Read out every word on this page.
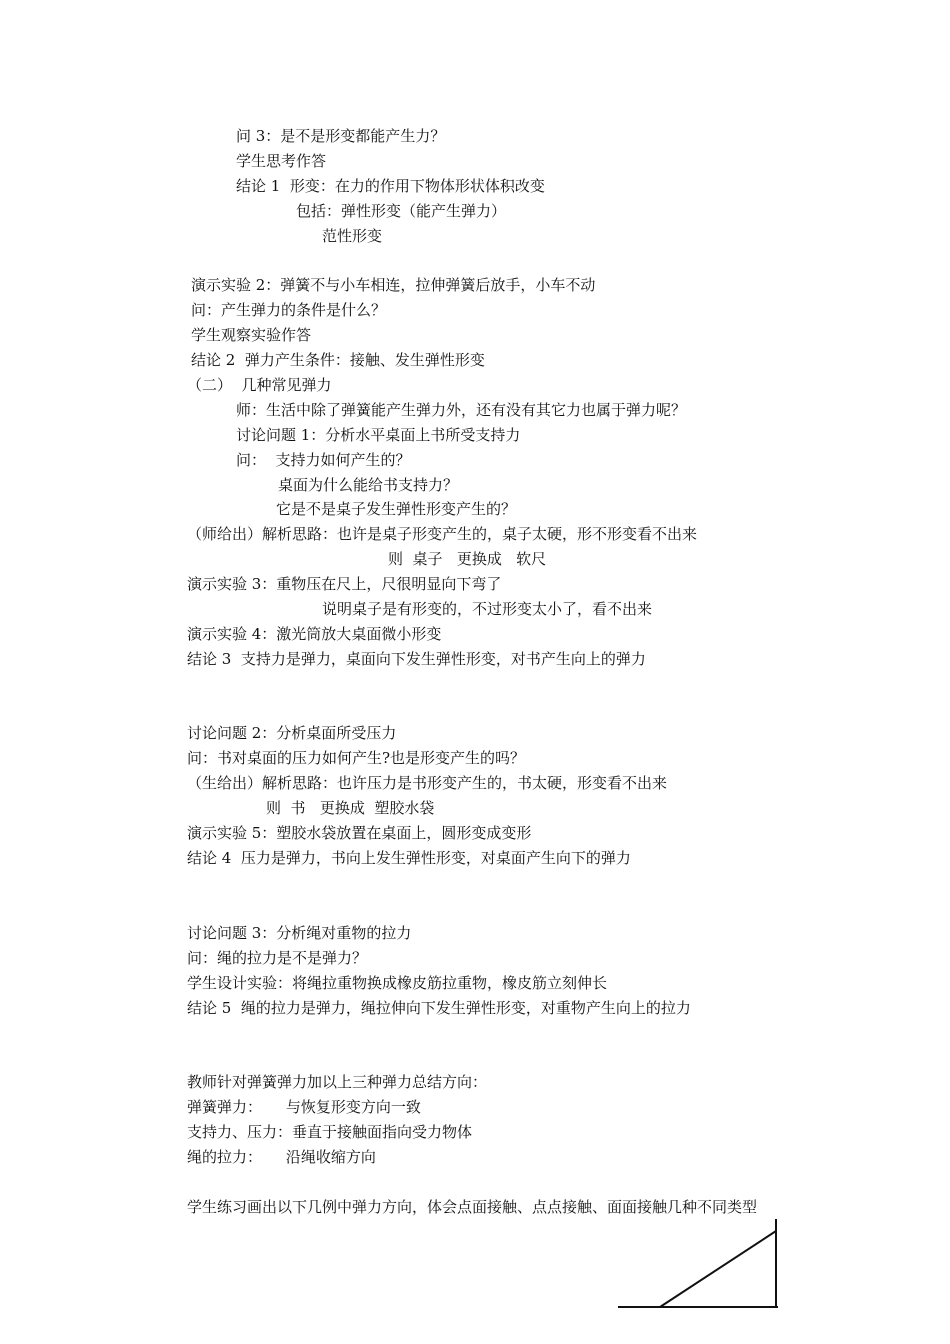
问 3：是不是形变都能产生力？
学生思考作答
结论 1  形变：在力的作用下物体形状体积改变
包括：弹性形变（能产生弹力）
范性形变
演示实验 2：弹簧不与小车相连，拉伸弹簧后放手，小车不动
问：产生弹力的条件是什么？
学生观察实验作答
结论 2  弹力产生条件：接触、发生弹性形变
（二）  几种常见弹力
师：生活中除了弹簧能产生弹力外，还有没有其它力也属于弹力呢？
讨论问题 1：分析水平桌面上书所受支持力
问：  支持力如何产生的？
桌面为什么能给书支持力？
它是不是桌子发生弹性形变产生的？
（师给出）解析思路：也许是桌子形变产生的，桌子太硬，形不形变看不出来
则  桌子   更换成   软尺
演示实验 3：重物压在尺上，尺很明显向下弯了
说明桌子是有形变的，不过形变太小了，看不出来
演示实验 4：激光筒放大桌面微小形变
结论 3  支持力是弹力，桌面向下发生弹性形变，对书产生向上的弹力
讨论问题 2：分析桌面所受压力
问：书对桌面的压力如何产生?也是形变产生的吗？
（生给出）解析思路：也许压力是书形变产生的，书太硬，形变看不出来
则  书   更换成  塑胶水袋
演示实验 5：塑胶水袋放置在桌面上，圆形变成变形
结论 4  压力是弹力，书向上发生弹性形变，对桌面产生向下的弹力
讨论问题 3：分析绳对重物的拉力
问：绳的拉力是不是弹力？
学生设计实验：将绳拉重物换成橡皮筋拉重物，橡皮筋立刻伸长
结论 5  绳的拉力是弹力，绳拉伸向下发生弹性形变，对重物产生向上的拉力
教师针对弹簧弹力加以上三种弹力总结方向：
弹簧弹力：     与恢复形变方向一致
支持力、压力：垂直于接触面指向受力物体
绳的拉力：     沿绳收缩方向
学生练习画出以下几例中弹力方向，体会点面接触、点点接触、面面接触几种不同类型
